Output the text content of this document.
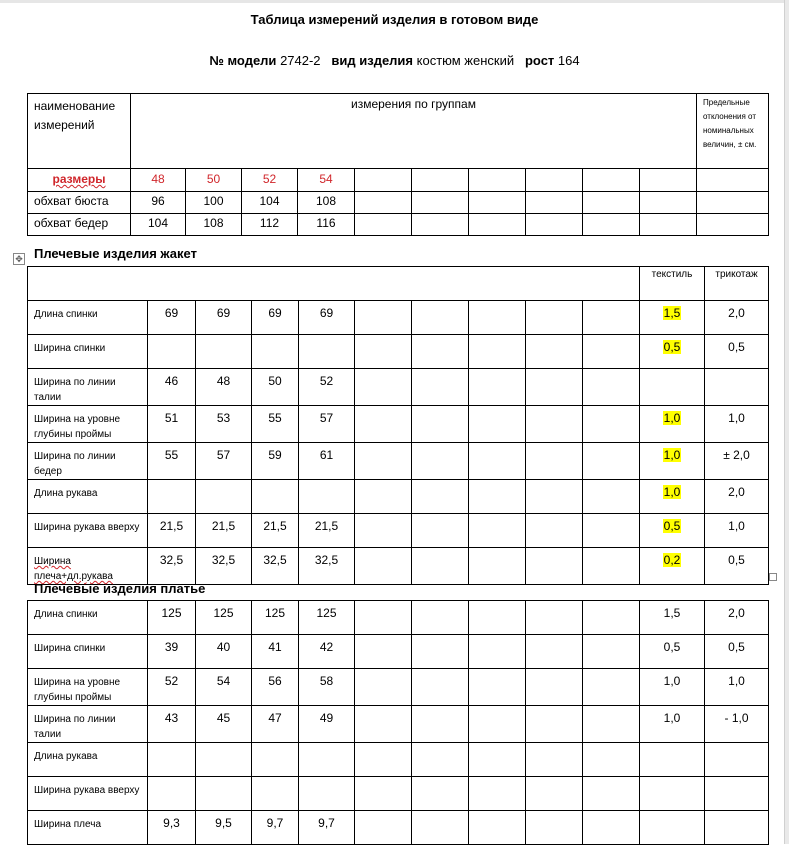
Таблица измерений изделия в готовом виде
№ модели 2742-2 вид изделия костюм женский рост 164
наименование измерений	измерения по группам										Предельные отклонения от номинальных величин, ± см.
размеры	48	50	52	54							
обхват бюста	96	100	104	108							
обхват бедер	104	108	112	116							
✥ Плечевые изделия жакет
										текстиль	трикотаж
Длина спинки	69	69	69	69						1,5	2,0
Ширина спинки										0,5	0,5
Ширина по линии талии	46	48	50	52							
Ширина на уровне глубины проймы	51	53	55	57						1,0	1,0
Ширина по линии бедер	55	57	59	61						1,0	± 2,0
Длина рукава										1,0	2,0
Ширина рукава вверху	21,5	21,5	21,5	21,5						0,5	1,0
Ширина плеча+дл.рукава	32,5	32,5	32,5	32,5						0,2	0,5
Плечевые изделия платье
Длина спинки	125	125	125	125						1,5	2,0
Ширина спинки	39	40	41	42						0,5	0,5
Ширина на уровне глубины проймы	52	54	56	58						1,0	1,0
Ширина по линии талии	43	45	47	49						1,0	- 1,0
Длина рукава											
Ширина рукава вверху											
Ширина плеча	9,3	9,5	9,7	9,7							
